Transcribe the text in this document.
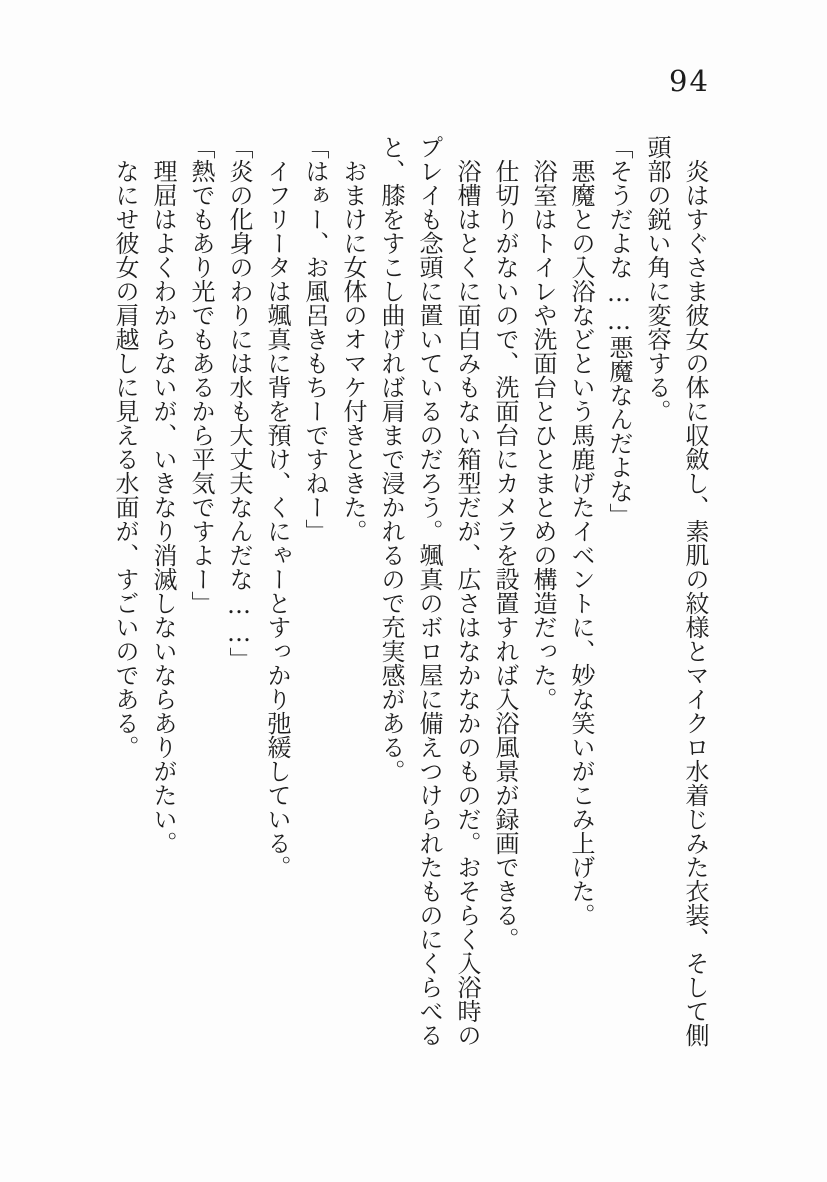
94

炎はすぐさま彼女の体に収斂し、素肌の紋様とマイクロ水着じみた衣装、そして側頭部の鋭い角に変容する。

「そうだよな……悪魔なんだよな」

悪魔との入浴などという馬鹿げたイベントに、妙な笑いがこみ上げた。

浴室はトイレや洗面台とひとまとめの構造だった。

仕切りがないので、洗面台にカメラを設置すれば入浴風景が録画できる。

浴槽はとくに面白みもない箱型だが、広さはなかなかのものだ。おそらく入浴時のプレイも念頭に置いているのだろう。颯真のボロ屋に備えつけられたものにくらべると、膝をすこし曲げれば肩まで浸かれるので充実感がある。

おまけに女体のオマケ付きときた。

「はぁー、お風呂きもちーですねー」

イフリータは颯真に背を預け、くにゃーとすっかり弛緩している。

「炎の化身のわりには水も大丈夫なんだな……」

「熱でもあり光でもあるから平気ですよー」

理屈はよくわからないが、いきなり消滅しないならありがたい。

なにせ彼女の肩越しに見える水面が、すごいのである。
